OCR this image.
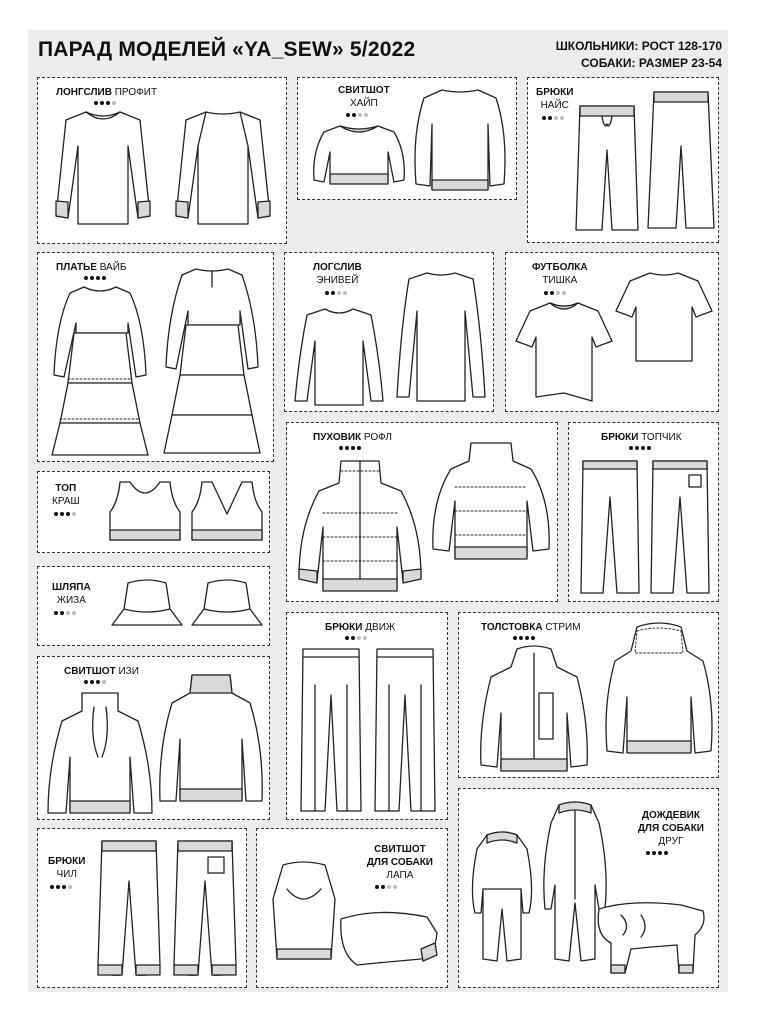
ПАРАД МОДЕЛЕЙ «YA_SEW» 5/2022	ШКОЛЬНИКИ: РОСТ 128-170
СОБАКИ: РАЗМЕР 23-54
ЛОНГСЛИВ ПРОФИТ	СВИТШОТ
ХАЙП
БРЮКИ
НАЙС
ПЛАТЬЕ ВАЙБ	ЛОГСЛИВ
ЭНИВЕЙ
ФУТБОЛКА
ТИШКА
ТОП
КРАШ
ПУХОВИК РОФЛ	БРЮКИ ТОПЧИК
ШЛЯПА
ЖИЗА
СВИТШОТ ИЗИ
БРЮКИ ДВИЖ	ТОЛСТОВКА СТРИМ
ДОЖДЕВИК
ДЛЯ СОБАКИ
ДРУГ
БРЮКИ
ЧИЛ
СВИТШОТ
ДЛЯ СОБАКИ
ЛАПА
